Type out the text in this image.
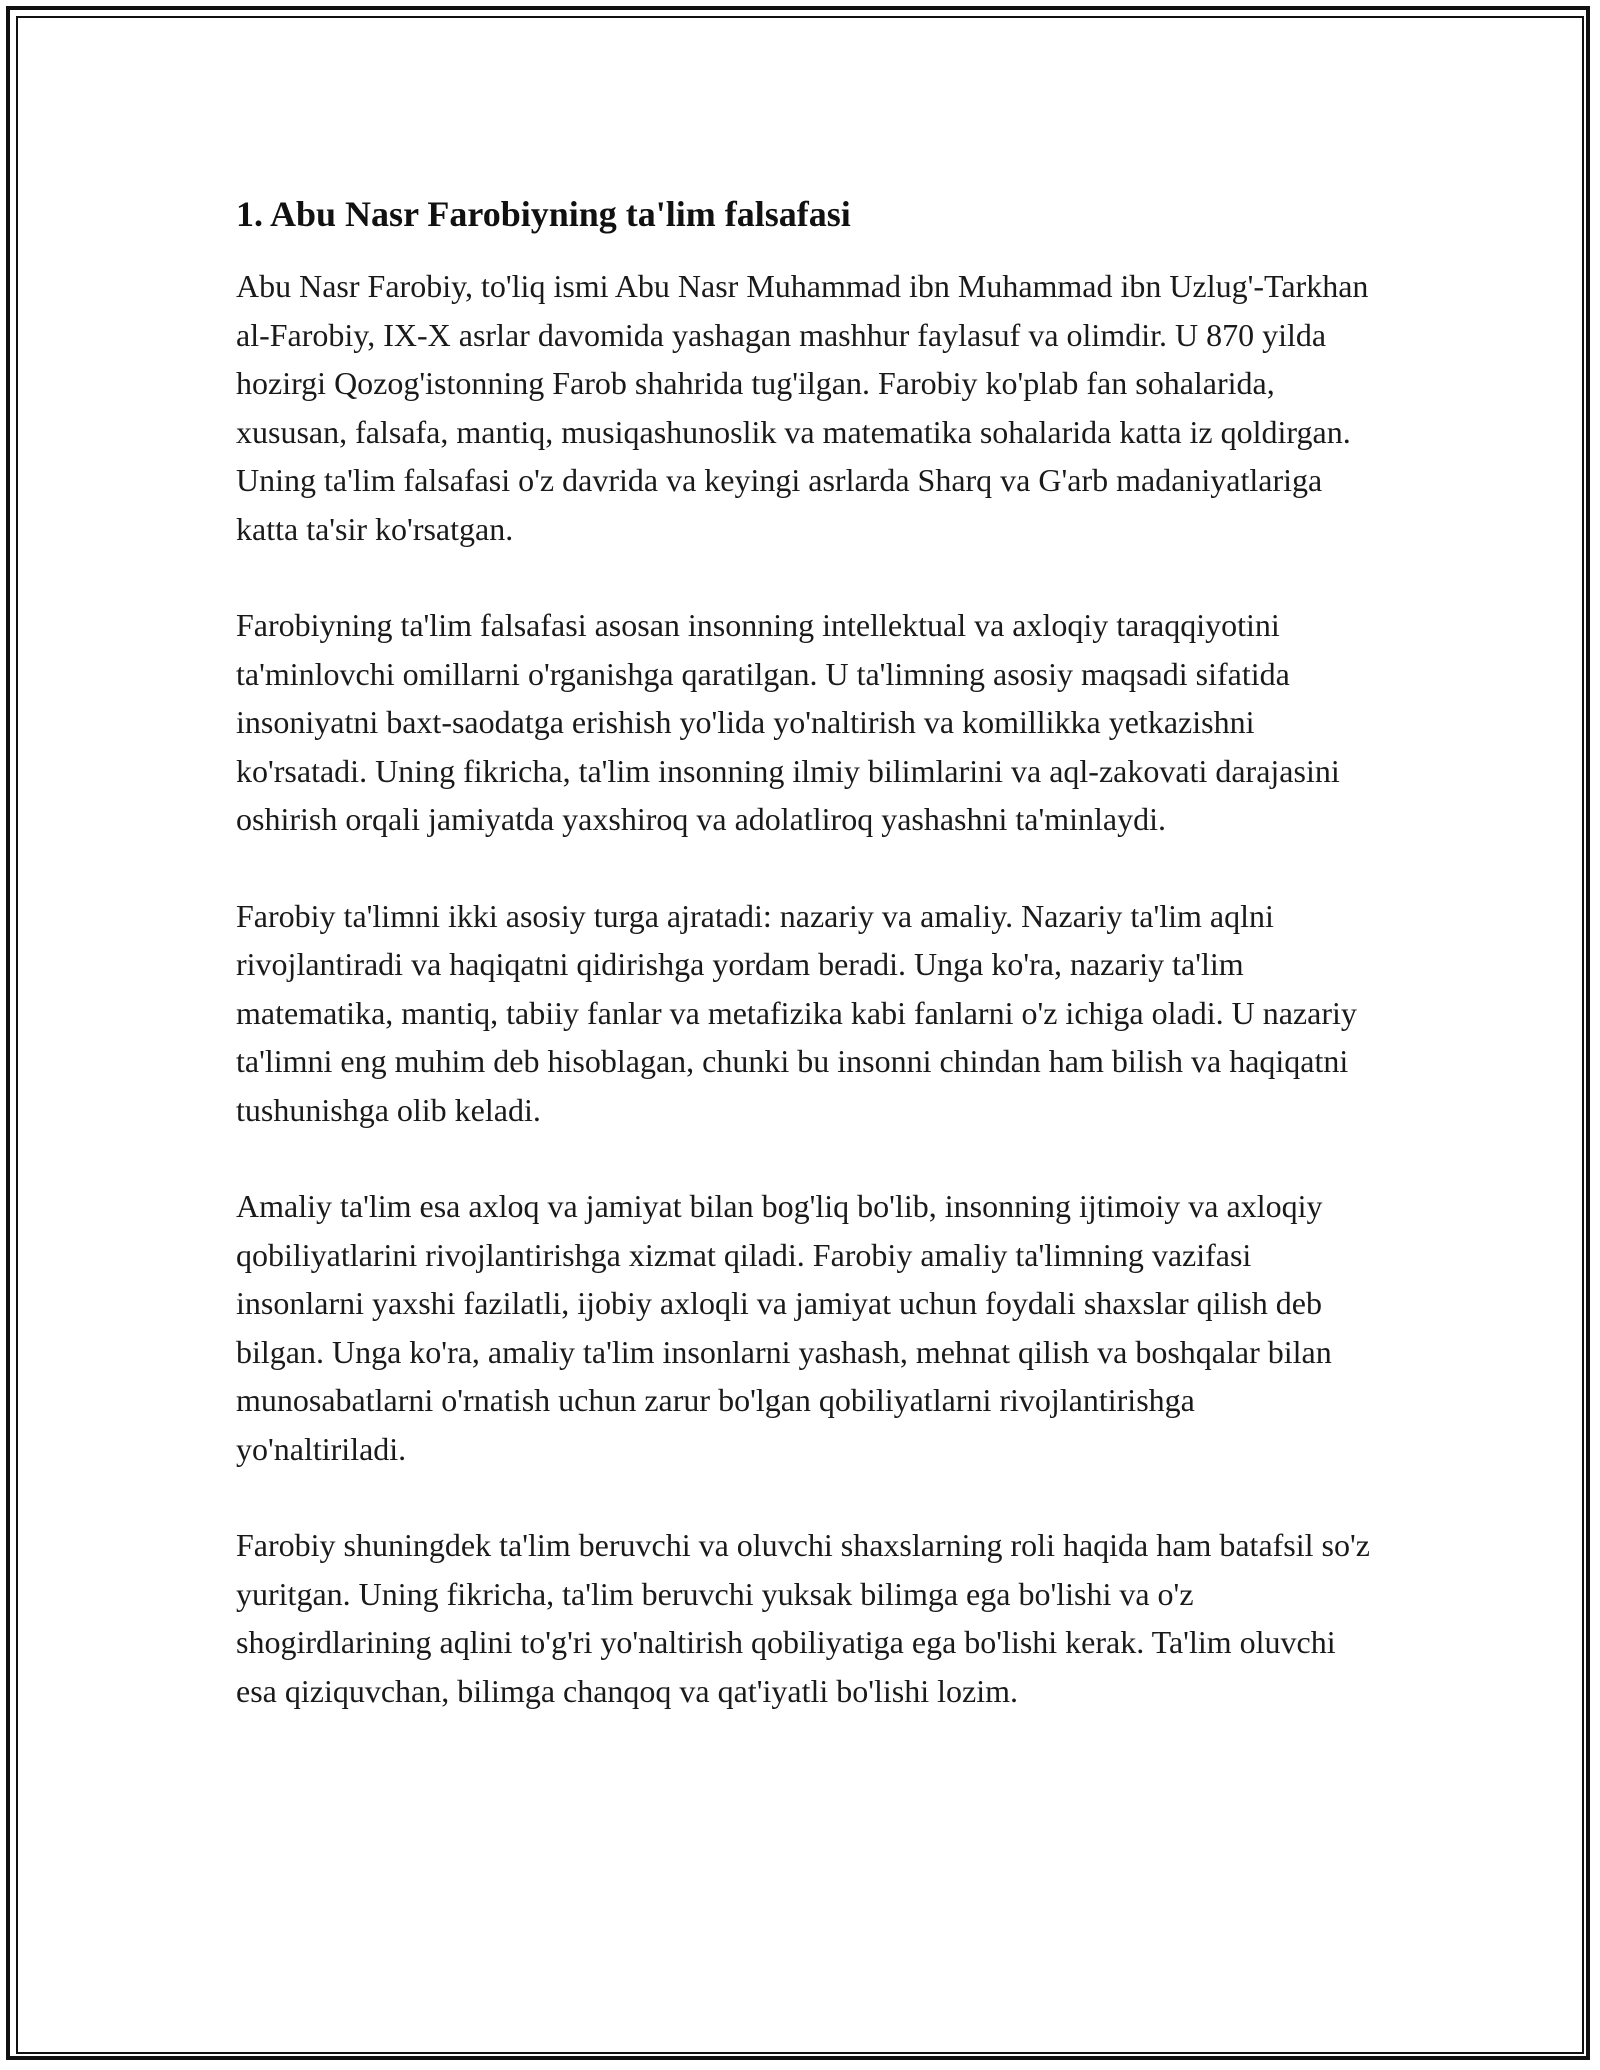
1. Abu Nasr Farobiyning ta'lim falsafasi

Abu Nasr Farobiy, to'liq ismi Abu Nasr Muhammad ibn Muhammad ibn Uzlug'-Tarkhan al-Farobiy, IX-X asrlar davomida yashagan mashhur faylasuf va olimdir. U 870 yilda hozirgi Qozog'istonning Farob shahrida tug'ilgan. Farobiy ko'plab fan sohalarida, xususan, falsafa, mantiq, musiqashunoslik va matematika sohalarida katta iz qoldirgan. Uning ta'lim falsafasi o'z davrida va keyingi asrlarda Sharq va G'arb madaniyatlariga katta ta'sir ko'rsatgan.

Farobiyning ta'lim falsafasi asosan insonning intellektual va axloqiy taraqqiyotini ta'minlovchi omillarni o'rganishga qaratilgan. U ta'limning asosiy maqsadi sifatida insoniyatni baxt-saodatga erishish yo'lida yo'naltirish va komillikka yetkazishni ko'rsatadi. Uning fikricha, ta'lim insonning ilmiy bilimlarini va aql-zakovati darajasini oshirish orqali jamiyatda yaxshiroq va adolatliroq yashashni ta'minlaydi.

Farobiy ta'limni ikki asosiy turga ajratadi: nazariy va amaliy. Nazariy ta'lim aqlni rivojlantiradi va haqiqatni qidirishga yordam beradi. Unga ko'ra, nazariy ta'lim matematika, mantiq, tabiiy fanlar va metafizika kabi fanlarni o'z ichiga oladi. U nazariy ta'limni eng muhim deb hisoblagan, chunki bu insonni chindan ham bilish va haqiqatni tushunishga olib keladi.

Amaliy ta'lim esa axloq va jamiyat bilan bog'liq bo'lib, insonning ijtimoiy va axloqiy qobiliyatlarini rivojlantirishga xizmat qiladi. Farobiy amaliy ta'limning vazifasi insonlarni yaxshi fazilatli, ijobiy axloqli va jamiyat uchun foydali shaxslar qilish deb bilgan. Unga ko'ra, amaliy ta'lim insonlarni yashash, mehnat qilish va boshqalar bilan munosabatlarni o'rnatish uchun zarur bo'lgan qobiliyatlarni rivojlantirishga yo'naltiriladi.

Farobiy shuningdek ta'lim beruvchi va oluvchi shaxslarning roli haqida ham batafsil so'z yuritgan. Uning fikricha, ta'lim beruvchi yuksak bilimga ega bo'lishi va o'z shogirdlarining aqlini to'g'ri yo'naltirish qobiliyatiga ega bo'lishi kerak. Ta'lim oluvchi esa qiziquvchan, bilimga chanqoq va qat'iyatli bo'lishi lozim.
